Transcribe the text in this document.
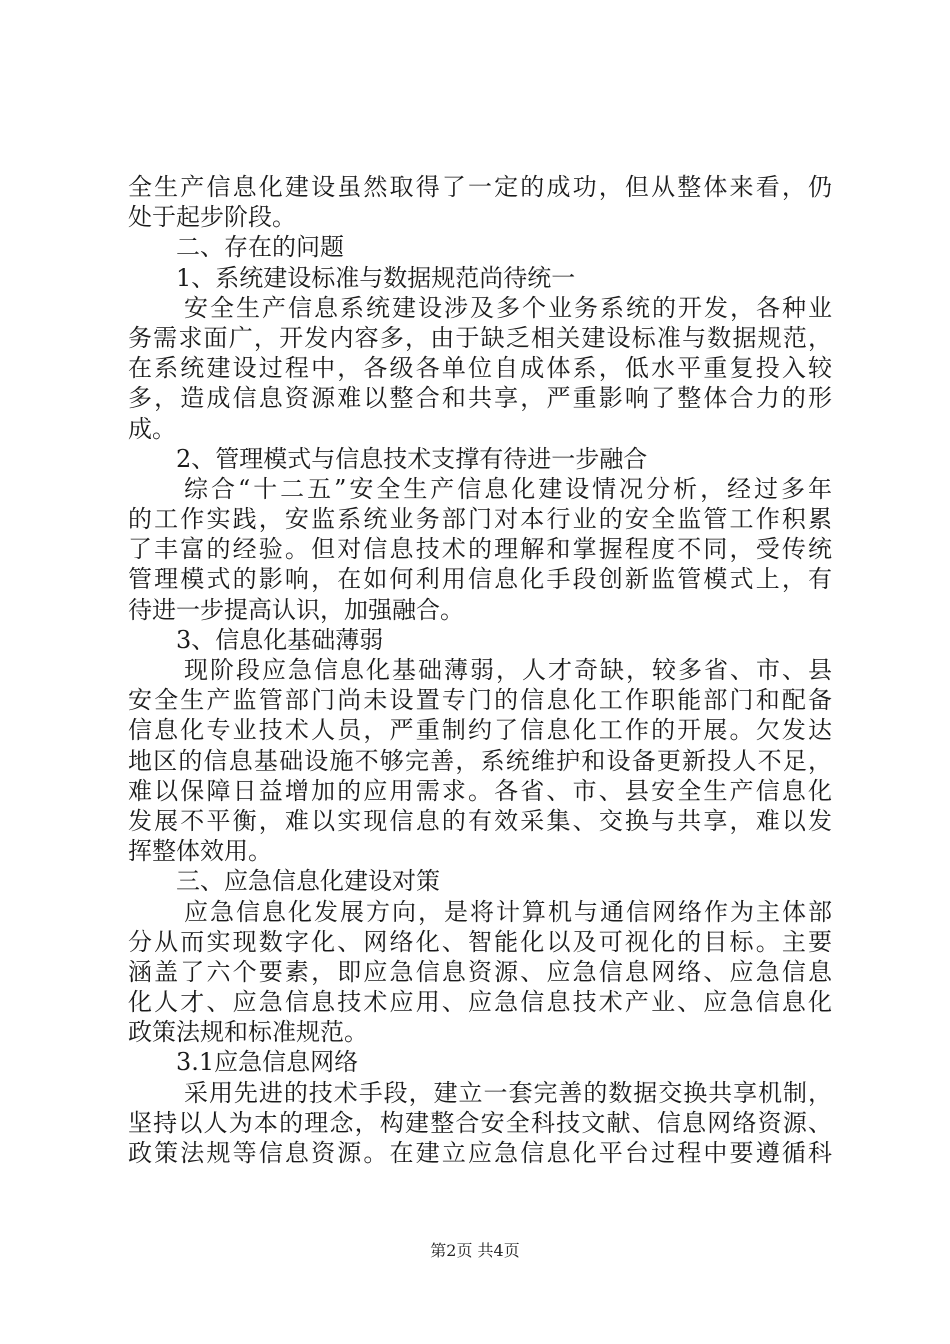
全生产信息化建设虽然取得了一定的成功，但从整体来看，仍
处于起步阶段。
二、存在的问题
1、系统建设标准与数据规范尚待统一
安全生产信息系统建设涉及多个业务系统的开发，各种业
务需求面广，开发内容多，由于缺乏相关建设标准与数据规范，
在系统建设过程中，各级各单位自成体系，低水平重复投入较
多，造成信息资源难以整合和共享，严重影响了整体合力的形
成。
2、管理模式与信息技术支撑有待进一步融合
综合“十二五”安全生产信息化建设情况分析，经过多年
的工作实践，安监系统业务部门对本行业的安全监管工作积累
了丰富的经验。但对信息技术的理解和掌握程度不同，受传统
管理模式的影响，在如何利用信息化手段创新监管模式上，有
待进一步提高认识，加强融合。
3、信息化基础薄弱
现阶段应急信息化基础薄弱，人才奇缺，较多省、市、县
安全生产监管部门尚未设置专门的信息化工作职能部门和配备
信息化专业技术人员，严重制约了信息化工作的开展。欠发达
地区的信息基础设施不够完善，系统维护和设备更新投人不足，
难以保障日益增加的应用需求。各省、市、县安全生产信息化
发展不平衡，难以实现信息的有效采集、交换与共享，难以发
挥整体效用。
三、应急信息化建设对策
应急信息化发展方向，是将计算机与通信网络作为主体部
分从而实现数字化、网络化、智能化以及可视化的目标。主要
涵盖了六个要素，即应急信息资源、应急信息网络、应急信息
化人才、应急信息技术应用、应急信息技术产业、应急信息化
政策法规和标准规范。
3.1应急信息网络
采用先进的技术手段，建立一套完善的数据交换共享机制，
坚持以人为本的理念，构建整合安全科技文献、信息网络资源、
政策法规等信息资源。在建立应急信息化平台过程中要遵循科
第2页 共4页
